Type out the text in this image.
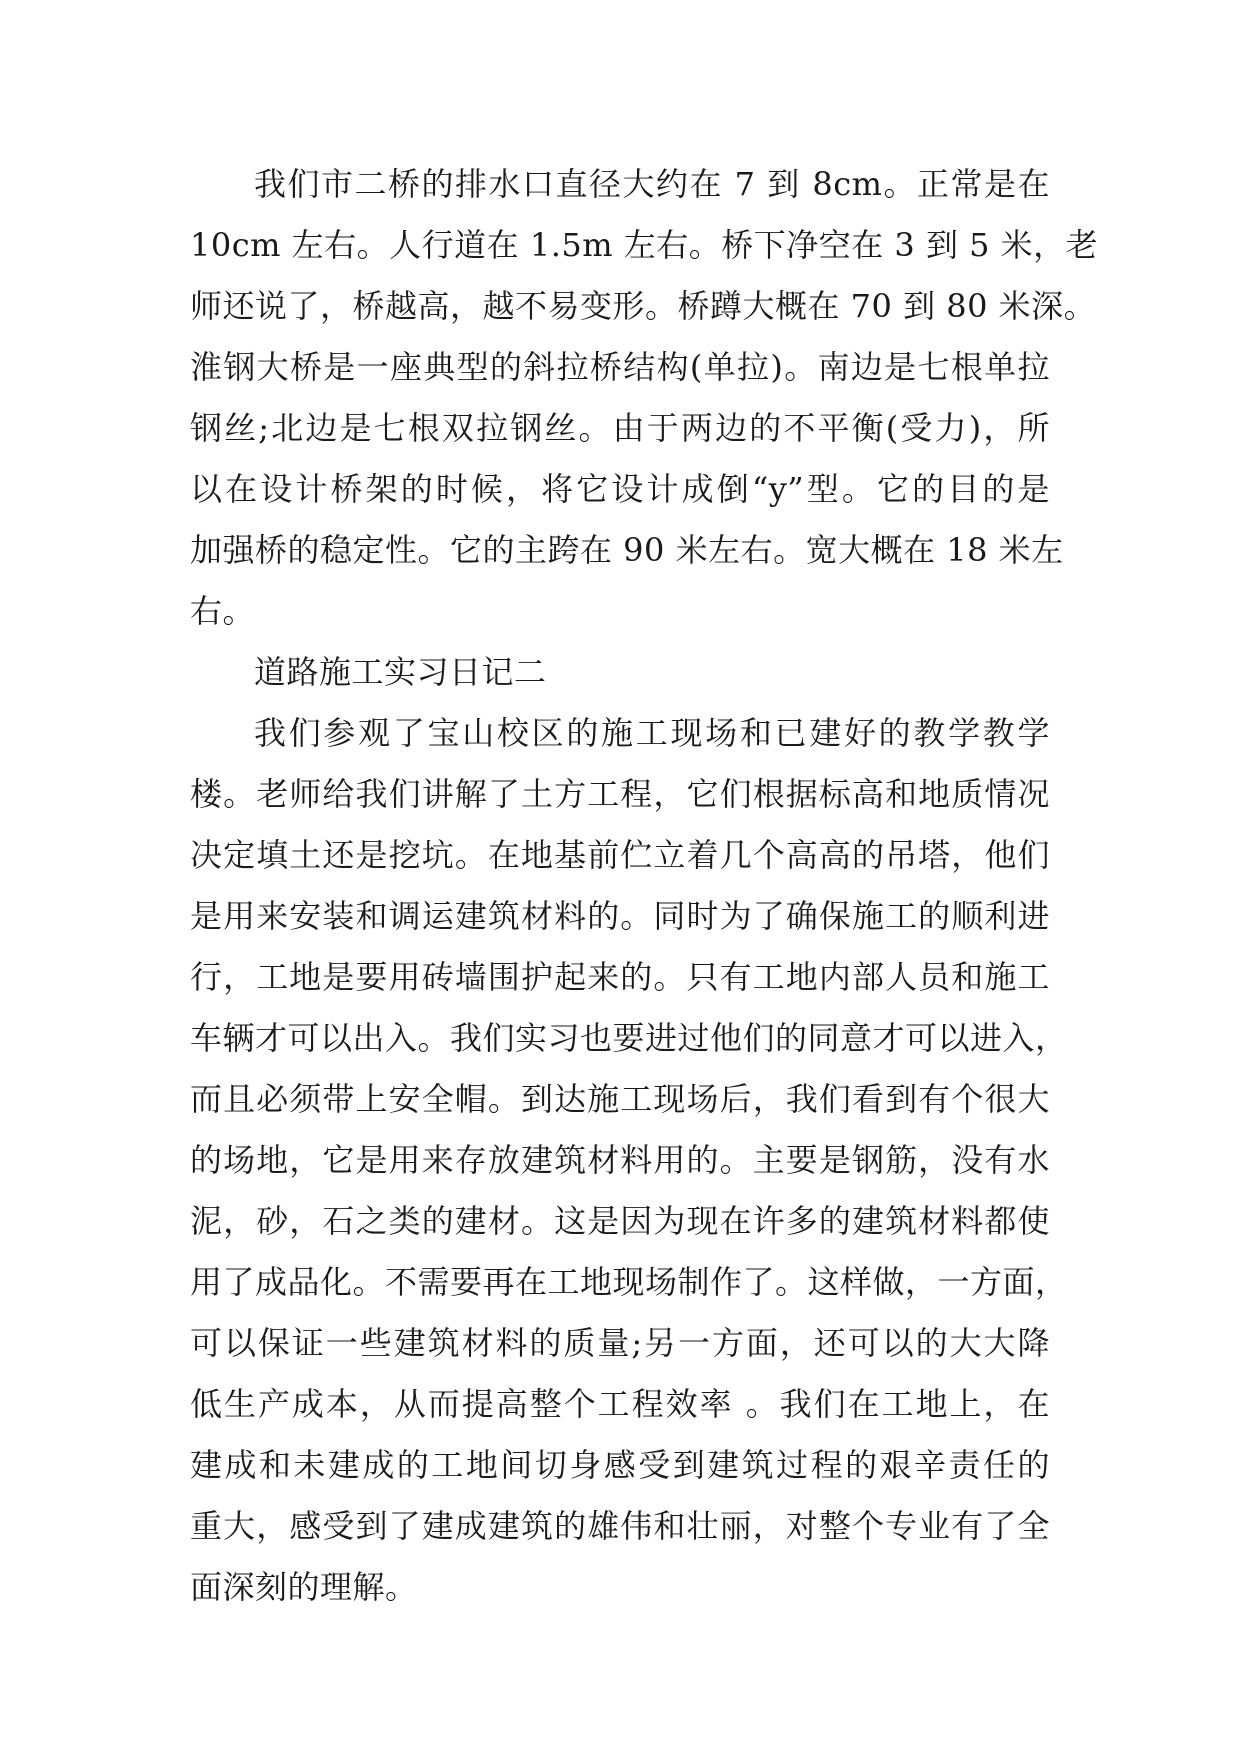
我们市二桥的排水口直径大约在 7 到 8cm。正常是在
10cm 左右。人行道在 1.5m 左右。桥下净空在 3 到 5 米，老
师还说了，桥越高，越不易变形。桥蹲大概在 70 到 80 米深。
淮钢大桥是一座典型的斜拉桥结构(单拉)。南边是七根单拉
钢丝;北边是七根双拉钢丝。由于两边的不平衡(受力)，所
以在设计桥架的时候，将它设计成倒“y”型。它的目的是
加强桥的稳定性。它的主跨在 90 米左右。宽大概在 18 米左
右。
道路施工实习日记二
我们参观了宝山校区的施工现场和已建好的教学教学
楼。老师给我们讲解了土方工程，它们根据标高和地质情况
决定填土还是挖坑。在地基前伫立着几个高高的吊塔，他们
是用来安装和调运建筑材料的。同时为了确保施工的顺利进
行，工地是要用砖墙围护起来的。只有工地内部人员和施工
车辆才可以出入。我们实习也要进过他们的同意才可以进入，
而且必须带上安全帽。到达施工现场后，我们看到有个很大
的场地，它是用来存放建筑材料用的。主要是钢筋，没有水
泥，砂，石之类的建材。这是因为现在许多的建筑材料都使
用了成品化。不需要再在工地现场制作了。这样做，一方面，
可以保证一些建筑材料的质量;另一方面，还可以的大大降
低生产成本，从而提高整个工程效率 。我们在工地上，在
建成和未建成的工地间切身感受到建筑过程的艰辛责任的
重大，感受到了建成建筑的雄伟和壮丽，对整个专业有了全
面深刻的理解。
